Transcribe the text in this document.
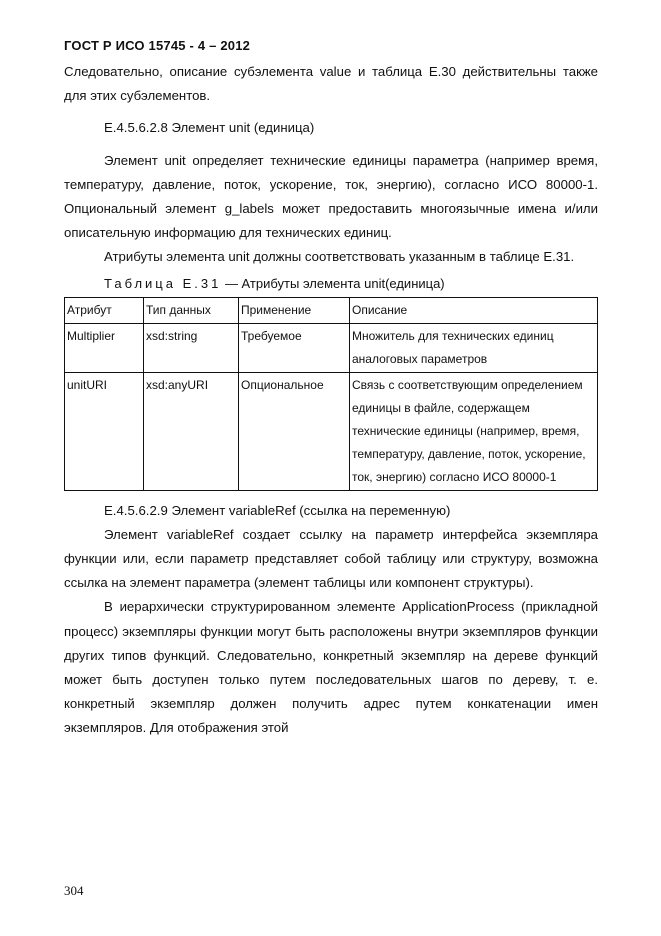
ГОСТ Р ИСО 15745 - 4 – 2012

Следовательно, описание субэлемента value и таблица Е.30 действительны также для этих субэлементов.

Е.4.5.6.2.8 Элемент unit (единица)

Элемент unit определяет технические единицы параметра (например время, температуру, давление, поток, ускорение, ток, энергию), согласно ИСО 80000-1. Опциональный элемент g_labels может предоставить многоязычные имена и/или описательную информацию для технических единиц.

Атрибуты элемента unit должны соответствовать указанным в таблице Е.31.

Таблица Е.31 — Атрибуты элемента unit(единица)
Атрибут	Тип данных	Применение	Описание
Multiplier	xsd:string	Требуемое	Множитель для технических единиц аналоговых параметров
unitURI	xsd:anyURI	Опциональное	Связь с соответствующим определением единицы в файле, содержащем технические единицы (например, время, температуру, давление, поток, ускорение, ток, энергию) согласно ИСО 80000-1

Е.4.5.6.2.9 Элемент variableRef (ссылка на переменную)

Элемент variableRef создает ссылку на параметр интерфейса экземпляра функции или, если параметр представляет собой таблицу или структуру, возможна ссылка на элемент параметра (элемент таблицы или компонент структуры).

В иерархически структурированном элементе ApplicationProcess (прикладной процесс) экземпляры функции могут быть расположены внутри экземпляров функции других типов функций. Следовательно, конкретный экземпляр на дереве функций может быть доступен только путем последовательных шагов по дереву, т. е. конкретный экземпляр должен получить адрес путем конкатенации имен экземпляров. Для отображения этой

304
